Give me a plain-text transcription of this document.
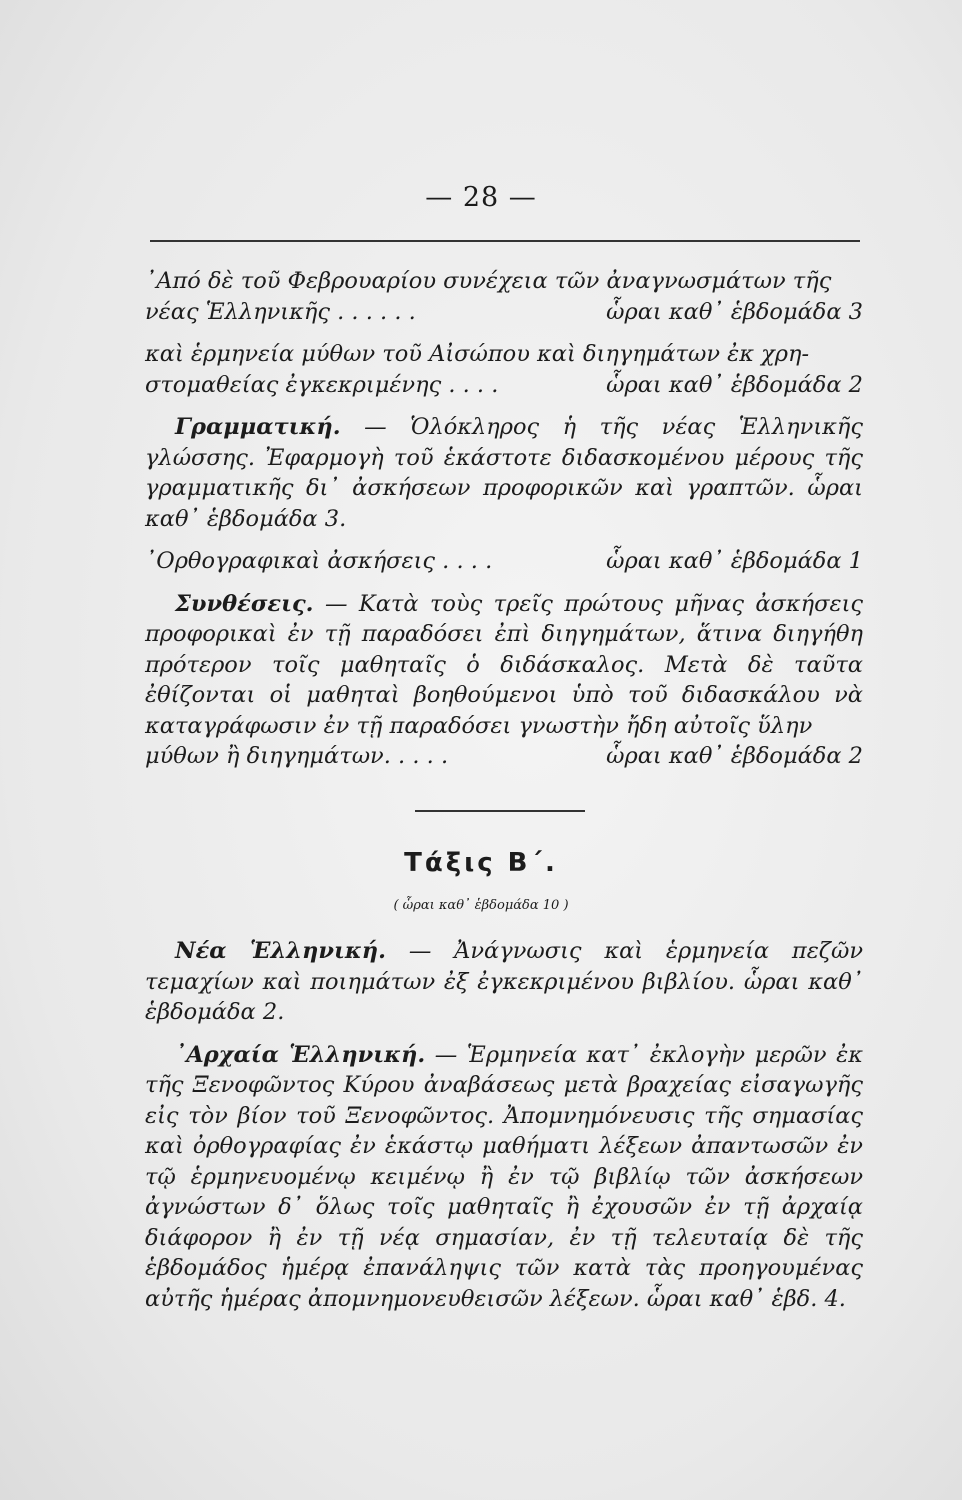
— 28 —
᾿Από δὲ τοῦ Φεβρουαρίου συνέχεια τῶν ἀναγνωσμάτων τῆς
νέας Ἑλληνικῆς . . . . . .	ὧραι καθ᾿ ἑβδομάδα 3
καὶ ἑρμηνεία μύθων τοῦ Αἰσώπου καὶ διηγημάτων ἐκ χρη-
στομαθείας ἐγκεκριμένης . . . .	ὧραι καθ᾿ ἑβδομάδα 2

Γραμματική. — Ὁλόκληρος ἡ τῆς νέας Ἑλληνικῆς γλώσσης. Ἐφαρμογὴ τοῦ ἑκάστοτε διδασκομένου μέρους τῆς γραμματικῆς δι᾿ ἀσκήσεων προφορικῶν καὶ γραπτῶν. ὧραι καθ᾿ ἑβδομάδα 3.

᾿Ορθογραφικαὶ ἀσκήσεις . . . .	ὧραι καθ᾿ ἑβδομάδα 1

Συνθέσεις. — Κατὰ τοὺς τρεῖς πρώτους μῆνας ἀσκήσεις προφορικαὶ ἐν τῇ παραδόσει ἐπὶ διηγημάτων, ἅτινα διηγήθη πρότερον τοῖς μαθηταῖς ὁ διδάσκαλος. Μετὰ δὲ ταῦτα ἐθίζονται οἱ μαθηταὶ βοηθούμενοι ὑπὸ τοῦ διδασκάλου νὰ καταγράφωσιν ἐν τῇ παραδόσει γνωστὴν ἤδη αὐτοῖς ὕλην

μύθων ἢ διηγημάτων. . . . .	ὧραι καθ᾿ ἑβδομάδα 2
Τάξις Β΄.
( ὧραι καθ᾿ ἑβδομάδα 10 )

Νέα Ἑλληνική. — Ἀνάγνωσις καὶ ἑρμηνεία πεζῶν τεμαχίων καὶ ποιημάτων ἐξ ἐγκεκριμένου βιβλίου. ὧραι καθ᾿ ἑβδομάδα 2.

᾿Αρχαία Ἑλληνική. — Ἑρμηνεία κατ᾿ ἐκλογὴν μερῶν ἐκ τῆς Ξενοφῶντος Κύρου ἀναβάσεως μετὰ βραχείας εἰσαγωγῆς εἰς τὸν βίον τοῦ Ξενοφῶντος. Ἀπομνημόνευσις τῆς σημασίας καὶ ὀρθογραφίας ἐν ἑκάστῳ μαθήματι λέξεων ἀπαντωσῶν ἐν τῷ ἑρμηνευομένῳ κειμένῳ ἢ ἐν τῷ βιβλίῳ τῶν ἀσκήσεων ἀγνώστων δ᾿ ὅλως τοῖς μαθηταῖς ἢ ἐχουσῶν ἐν τῇ ἀρχαίᾳ διάφορον ἢ ἐν τῇ νέᾳ σημασίαν, ἐν τῇ τελευταίᾳ δὲ τῆς ἑβδομάδος ἡμέρᾳ ἐπανάληψις τῶν κατὰ τὰς προηγουμένας αὐτῆς ἡμέρας ἀπομνημονευθεισῶν λέξεων. ὧραι καθ᾿ ἑβδ. 4.
